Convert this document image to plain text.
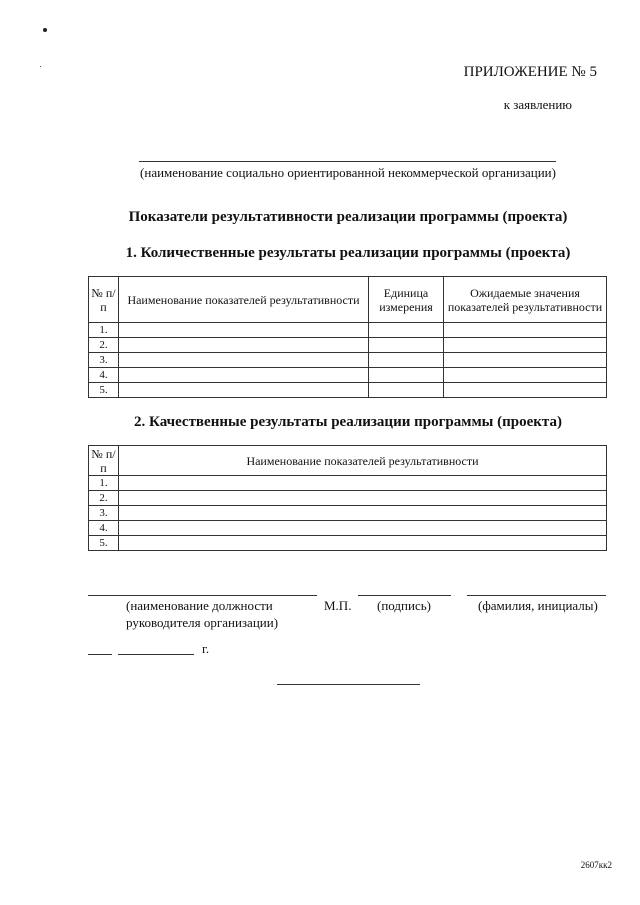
ПРИЛОЖЕНИЕ № 5
к заявлению
(наименование социально ориентированной некоммерческой организации)
Показатели результативности реализации программы (проекта)
1. Количественные результаты реализации программы (проекта)
№ п/п	Наименование показателей результативности	Единица измерения	Ожидаемые значения показателей результативности
1.			
2.			
3.			
4.			
5.			
2. Качественные результаты реализации программы (проекта)
№ п/п	Наименование показателей результативности
1.	
2.	
3.	
4.	
5.	
(наименование должности руководителя организации)
М.П. (подпись)	(фамилия, инициалы)
г.
2607кк2
